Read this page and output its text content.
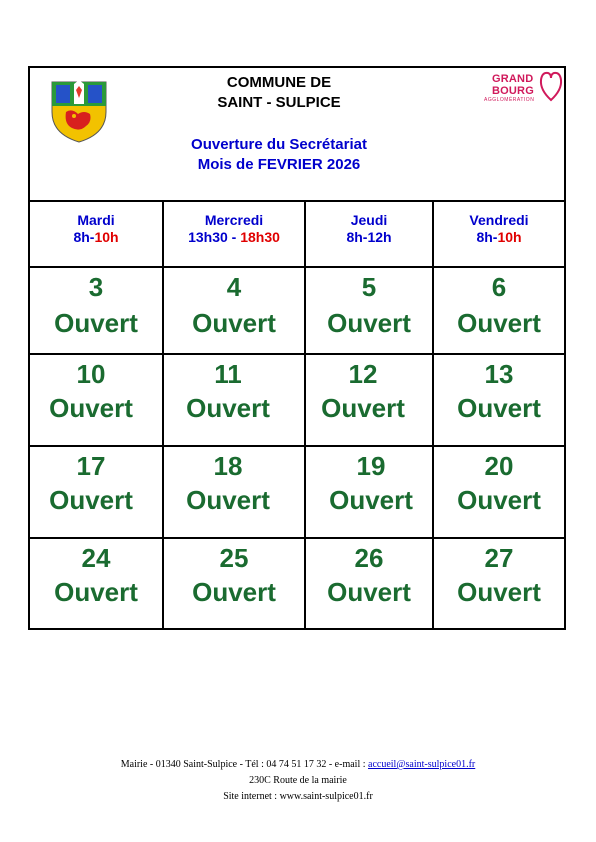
COMMUNE DE
SAINT - SULPICE
Ouverture du Secrétariat
Mois de FEVRIER 2026
GRAND
BOURG
AGGLOMÉRATION
Mardi
8h-10h
Mercredi
13h30 - 18h30
Jeudi
8h-12h
Vendredi
8h-10h
3
Ouvert
4
Ouvert
5
Ouvert
6
Ouvert
10
Ouvert
11
Ouvert
12
Ouvert
13
Ouvert
17
Ouvert
18
Ouvert
19
Ouvert
20
Ouvert
24
Ouvert
25
Ouvert
26
Ouvert
27
Ouvert
Mairie - 01340 Saint-Sulpice - Tél : 04 74 51 17 32 - e-mail : accueil@saint-sulpice01.fr
230C Route de la mairie
Site internet : www.saint-sulpice01.fr
